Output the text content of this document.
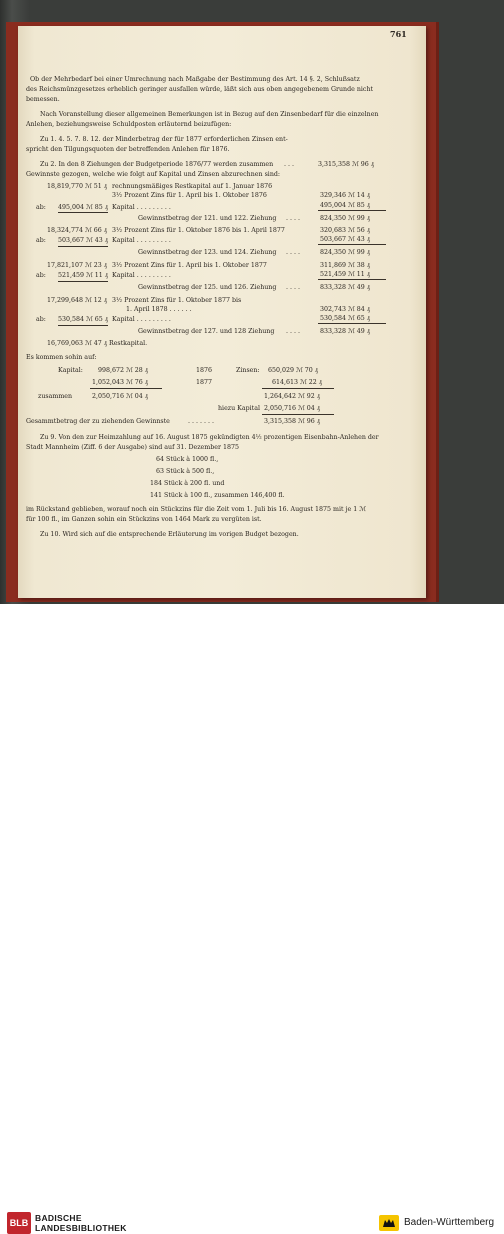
761
Ob der Mehrbedarf bei einer Umrechnung nach Maßgabe der Bestimmung des Art. 14 §. 2, Schlußsatz
des Reichsmünzgesetzes erheblich geringer ausfallen würde, läßt sich aus oben angegebenem Grunde nicht
bemessen.
Nach Voranstellung dieser allgemeinen Bemerkungen ist in Bezug auf den Zinsenbedarf für die einzelnen
Anlehen, beziehungsweise Schuldposten erläuternd beizufügen:
Zu 1. 4. 5. 7. 8. 12. der Minderbetrag der für 1877 erforderlichen Zinsen ent-
spricht den Tilgungsquoten der betreffenden Anlehen für 1876.
Zu 2. In den 8 Ziehungen der Budgetperiode 1876/77 werden zusammen . . .	3,315,358 ℳ 96 ₰
Gewinnste gezogen, welche wie folgt auf Kapital und Zinsen abzurechnen sind:
18,819,770 ℳ 51 ₰ rechnungsmäßiges Restkapital auf 1. Januar 1876
3½ Prozent Zins für 1. April bis 1. Oktober 1876	329,346 ℳ 14 ₰
ab: 495,004 ℳ 85 ₰ Kapital . . . . . . . . .	495,004 ℳ 85 ₰
Gewinnstbetrag der 121. und 122. Ziehung . . . .	824,350 ℳ 99 ₰
18,324,774 ℳ 66 ₰ 3½ Prozent Zins für 1. Oktober 1876 bis 1. April 1877	320,683 ℳ 56 ₰
ab: 503,667 ℳ 43 ₰ Kapital . . . . . . . . .	503,667 ℳ 43 ₰
Gewinnstbetrag der 123. und 124. Ziehung . . . .	824,350 ℳ 99 ₰
17,821,107 ℳ 23 ₰ 3½ Prozent Zins für 1. April bis 1. Oktober 1877	311,869 ℳ 38 ₰
ab: 521,459 ℳ 11 ₰ Kapital . . . . . . . . .	521,459 ℳ 11 ₰
Gewinnstbetrag der 125. und 126. Ziehung . . . .	833,328 ℳ 49 ₰
17,299,648 ℳ 12 ₰ 3½ Prozent Zins für 1. Oktober 1877 bis
1. April 1878 . . . . . .	302,743 ℳ 84 ₰
ab: 530,584 ℳ 65 ₰ Kapital . . . . . . . . .	530,584 ℳ 65 ₰
Gewinnstbetrag der 127. und 128 Ziehung . . . .	833,328 ℳ 49 ₰
16,769,063 ℳ 47 ₰ Restkapital.
Es kommen sohin auf:
Kapital: 998,672 ℳ 28 ₰	1876	Zinsen: 650,029 ℳ 70 ₰
1,052,043 ℳ 76 ₰	1877	614,613 ℳ 22 ₰
zusammen	2,050,716 ℳ 04 ₰	1,264,642 ℳ 92 ₰
hiezu Kapital 2,050,716 ℳ 04 ₰
Gesammtbetrag der zu ziehenden Gewinnste	. . . . . . .	3,315,358 ℳ 96 ₰
Zu 9. Von den zur Heimzahlung auf 16. August 1875 gekündigten 4½ prozentigen Eisenbahn-Anlehen der
Stadt Mannheim (Ziff. 6 der Ausgabe) sind auf 31. Dezember 1875
64 Stück à 1000 fl.,
63 Stück à 500 fl.,
184 Stück à 200 fl. und
141 Stück à 100 fl., zusammen 146,400 fl.
im Rückstand geblieben, worauf noch ein Stückzins für die Zeit vom 1. Juli bis 16. August 1875 mit je 1 ℳ
für 100 fl., im Ganzen sohin ein Stückzins von 1464 Mark zu vergüten ist.
Zu 10. Wird sich auf die entsprechende Erläuterung im vorigen Budget bezogen.
BLB BADISCHE
LANDESBIBLIOTHEK	Baden-Württemberg
